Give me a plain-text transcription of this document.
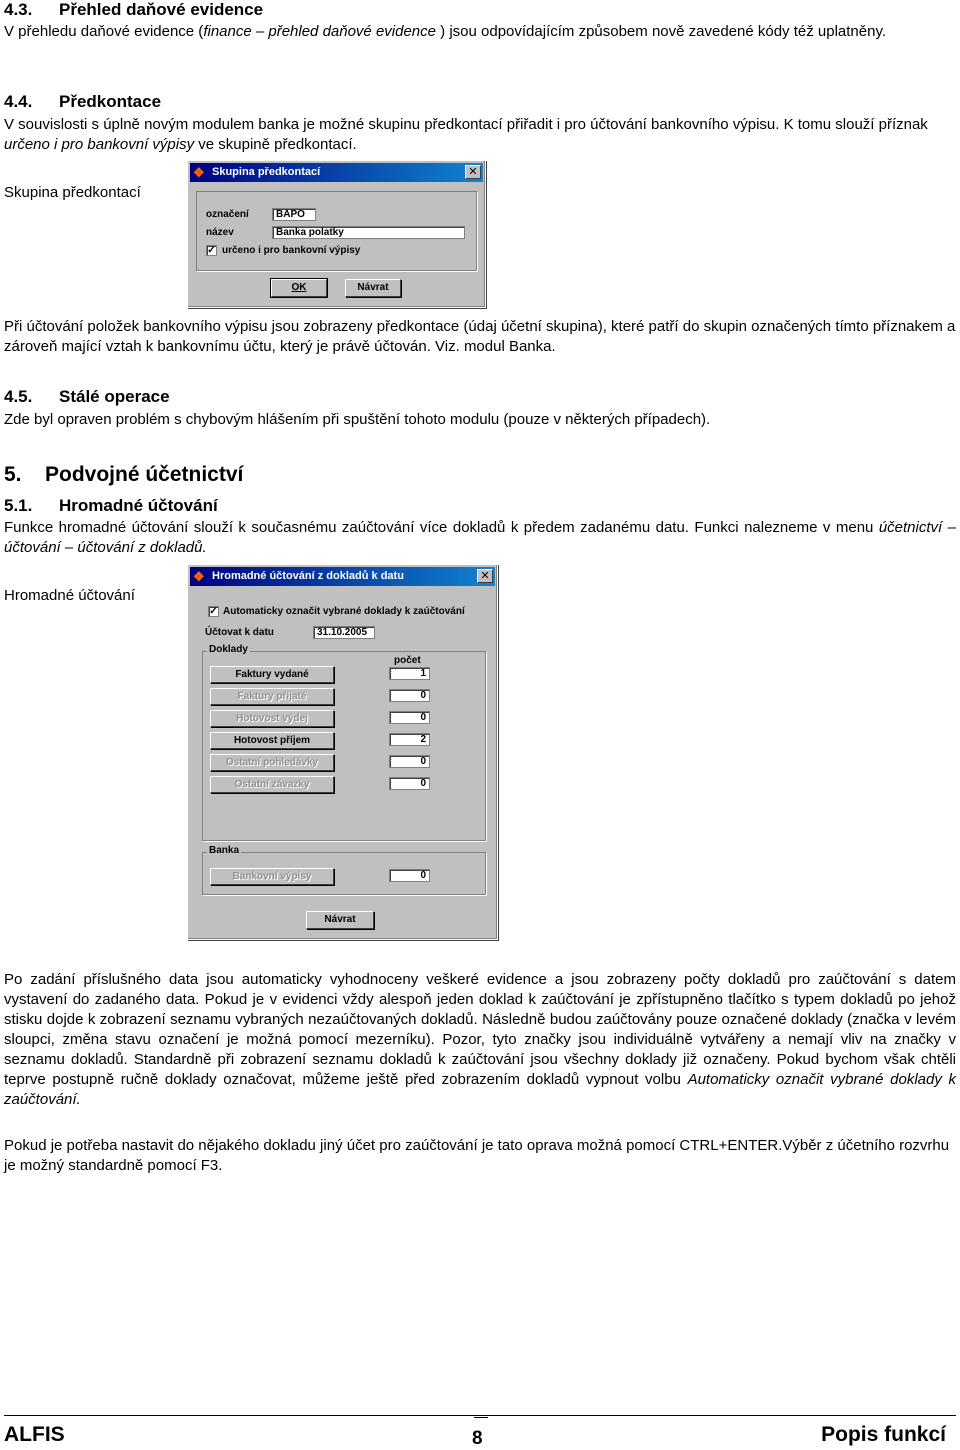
4.3. Přehled daňové evidence

V přehledu daňové evidence (finance – přehled daňové evidence ) jsou odpovídajícím způsobem nově zavedené kódy též uplatněny.

4.4. Předkontace

V souvislosti s úplně novým modulem banka je možné skupinu předkontací přiřadit i pro účtování bankovního výpisu. K tomu slouží příznak určeno i pro bankovní výpisy ve skupině předkontací.

Skupina předkontací
❖ Skupina předkontací	✕
označení	BAPO
název	Banka polatky
✓ určeno i pro bankovní výpisy
OK	Návrat

Při účtování položek bankovního výpisu jsou zobrazeny předkontace (údaj účetní skupina), které patří do skupin označených tímto příznakem a zároveň mající vztah k bankovnímu účtu, který je právě účtován. Viz. modul Banka.

4.5. Stálé operace

Zde byl opraven problém s chybovým hlášením při spuštění tohoto modulu (pouze v některých případech).

5. Podvojné účetnictví
5.1. Hromadné účtování

Funkce hromadné účtování slouží k současnému zaúčtování více dokladů k předem zadanému datu. Funkci nalezneme v menu účetnictví – účtování – účtování z dokladů.

Hromadné účtování
❖ Hromadné účtování z dokladů k datu	✕
✓ Automaticky označit vybrané doklady k zaúčtování
Účtovat k datu	31.10.2005
Doklady
počet
Faktury vydané	1
Faktury přijaté	0
Hotovost výdej	0
Hotovost příjem	2
Ostatní pohledávky	0
Ostatní závazky	0
Banka
Bankovní výpisy	0
Návrat

Po zadání příslušného data jsou automaticky vyhodnoceny veškeré evidence a jsou zobrazeny počty dokladů pro zaúčtování s datem vystavení do zadaného data. Pokud je v evidenci vždy alespoň jeden doklad k zaúčtování je zpřístupněno tlačítko s typem dokladů po jehož stisku dojde k zobrazení seznamu vybraných nezaúčtovaných dokladů. Následně budou zaúčtovány pouze označené doklady (značka v levém sloupci, změna stavu označení je možná pomocí mezerníku). Pozor, tyto značky jsou individuálně vytvářeny a nemají vliv na značky v seznamu dokladů. Standardně při zobrazení seznamu dokladů k zaúčtování jsou všechny doklady již označeny. Pokud bychom však chtěli teprve postupně ručně doklady označovat, můžeme ještě před zobrazením dokladů vypnout volbu Automaticky označit vybrané doklady k zaúčtování.

Pokud je potřeba nastavit do nějakého dokladu jiný účet pro zaúčtování je tato oprava možná pomocí CTRL+ENTER.Výběr z účetního rozvrhu je možný standardně pomocí F3.

ALFIS	8	Popis funkcí
